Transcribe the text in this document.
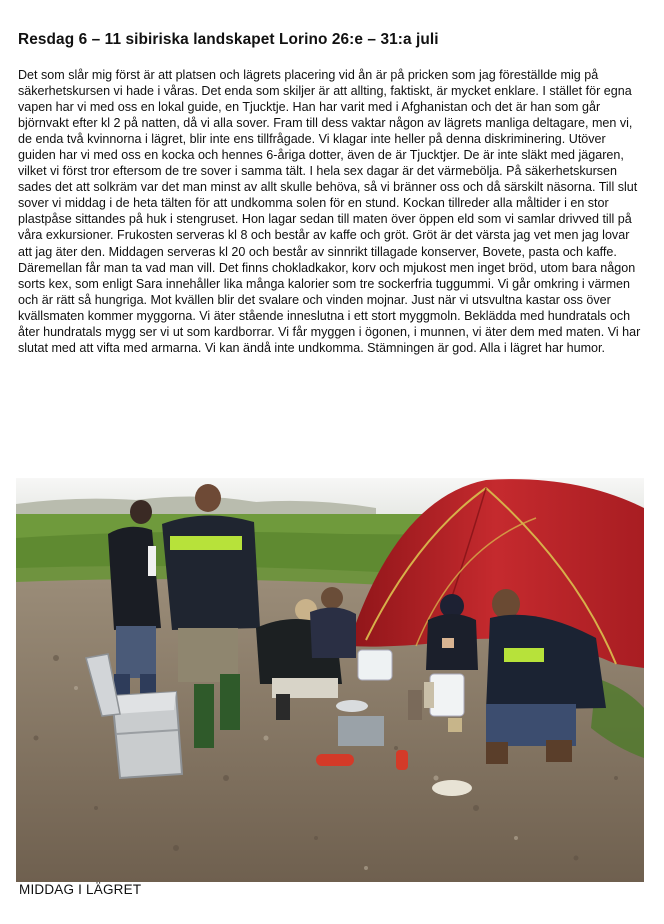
Resdag 6 – 11 sibiriska landskapet Lorino 26:e – 31:a juli

Det som slår mig först är att platsen och lägrets placering vid ån är på pricken som jag föreställde mig på säkerhetskursen vi hade i våras. Det enda som skiljer är att allting, faktiskt, är mycket enklare. I stället för egna vapen har vi med oss en lokal guide, en Tjucktje. Han har varit med i Afghanistan och det är han som går björnvakt efter kl 2 på natten, då vi alla sover. Fram till dess vaktar någon av lägrets manliga deltagare, men vi, de enda två kvinnorna i lägret, blir inte ens tillfrågade. Vi klagar inte heller på denna diskriminering. Utöver guiden har vi med oss en kocka och hennes 6-åriga dotter, även de är Tjucktjer. De är inte släkt med jägaren, vilket vi först tror eftersom de tre sover i samma tält. I hela sex dagar är det värmebölja. På säkerhetskursen sades det att solkräm var det man minst av allt skulle behöva, så vi bränner oss och då särskilt näsorna. Till slut sover vi middag i de heta tälten för att undkomma solen för en stund. Kockan tillreder alla måltider i en stor plastpåse sittandes på huk i stengruset. Hon lagar sedan till maten över öppen eld som vi samlar drivved till på våra exkursioner. Frukosten serveras kl 8 och består av kaffe och gröt. Gröt är det värsta jag vet men jag lovar att jag äter den. Middagen serveras kl 20 och består av sinnrikt tillagade konserver, Bovete, pasta och kaffe. Däremellan får man ta vad man vill. Det finns chokladkakor, korv och mjukost men inget bröd, utom bara någon sorts kex, som enligt Sara innehåller lika många kalorier som tre sockerfria tuggummi. Vi går omkring i värmen och är rätt så hungriga. Mot kvällen blir det svalare och vinden mojnar. Just när vi utsvultna kastar oss över kvällsmaten kommer myggorna. Vi äter stående inneslutna i ett stort myggmoln. Beklädda med hundratals och åter hundratals mygg ser vi ut som kardborrar. Vi får myggen i ögonen, i munnen, vi äter dem med maten. Vi har slutat med att vifta med armarna. Vi kan ändå inte undkomma. Stämningen är god. Alla i lägret har humor.

MIDDAG I LÄGRET
